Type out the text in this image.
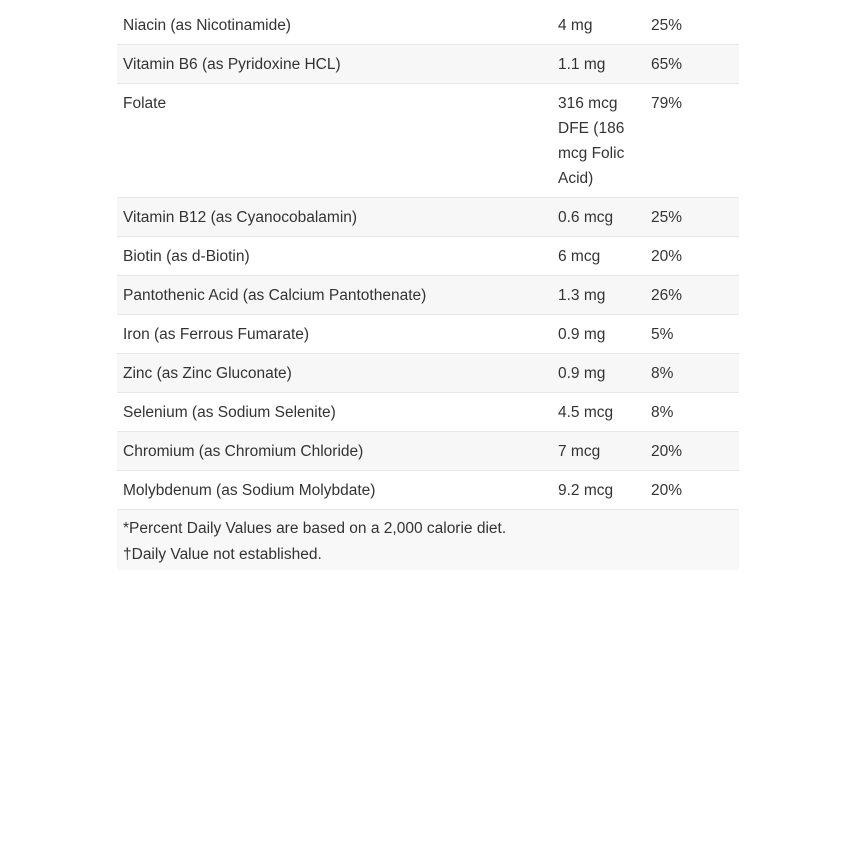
Niacin (as Nicotinamide)	4 mg	25%
Vitamin B6 (as Pyridoxine HCL)	1.1 mg	65%
Folate	316 mcg DFE (186 mcg Folic Acid)	79%
Vitamin B12 (as Cyanocobalamin)	0.6 mcg	25%
Biotin (as d-Biotin)	6 mcg	20%
Pantothenic Acid (as Calcium Pantothenate)	1.3 mg	26%
Iron (as Ferrous Fumarate)	0.9 mg	5%
Zinc (as Zinc Gluconate)	0.9 mg	8%
Selenium (as Sodium Selenite)	4.5 mcg	8%
Chromium (as Chromium Chloride)	7 mcg	20%
Molybdenum (as Sodium Molybdate)	9.2 mcg	20%
*Percent Daily Values are based on a 2,000 calorie diet.
†Daily Value not established.
